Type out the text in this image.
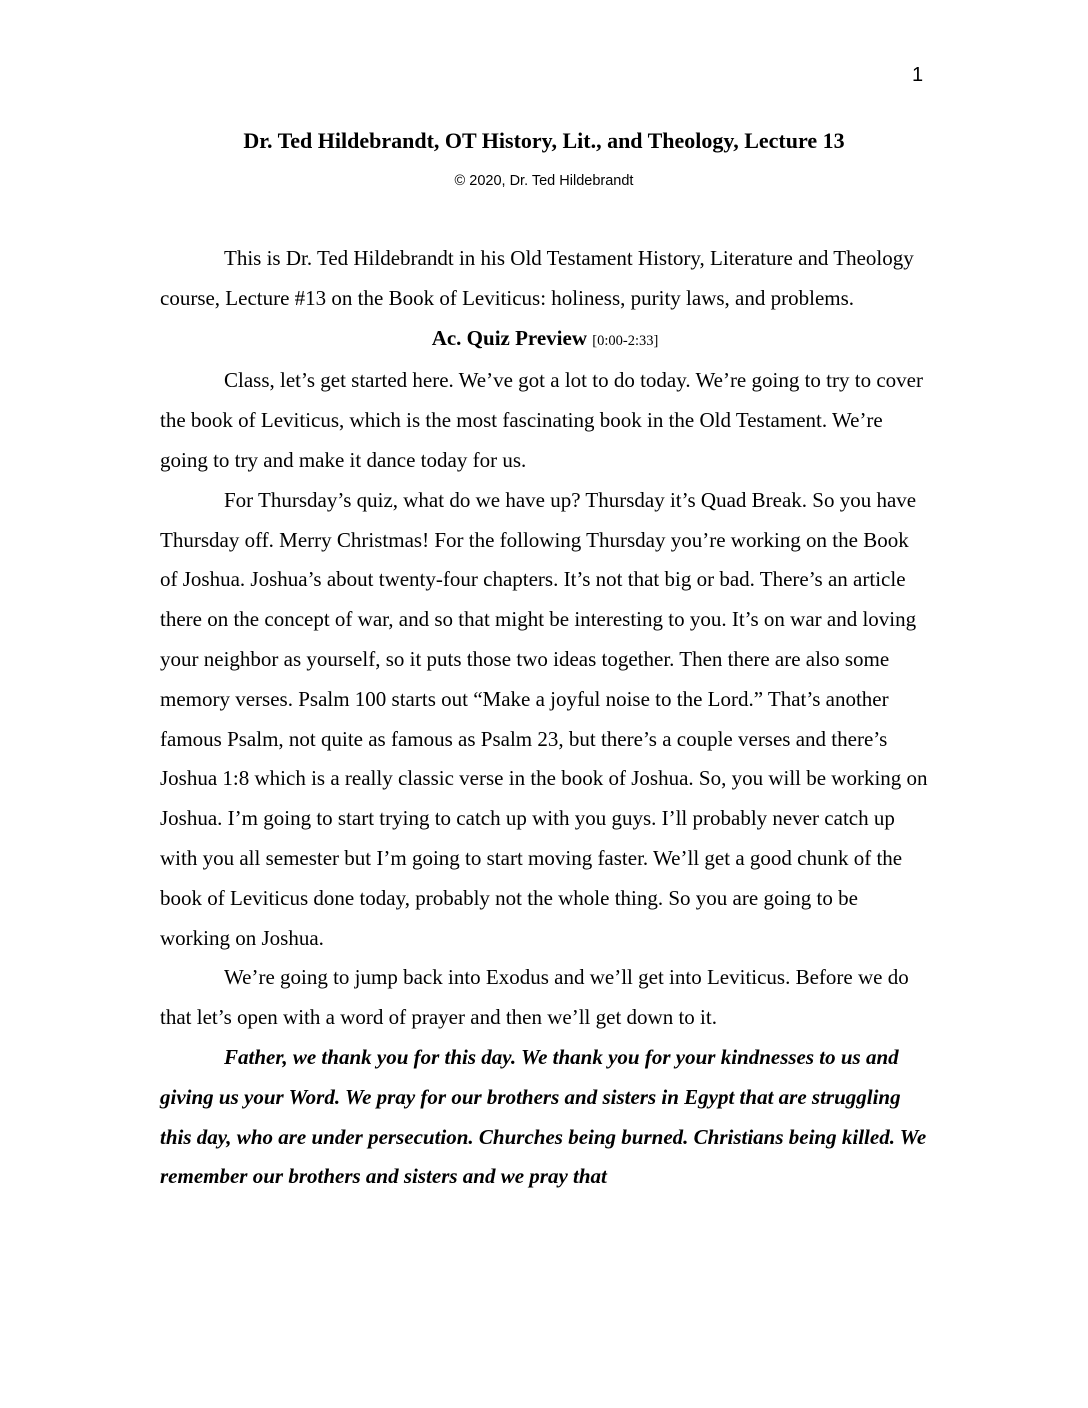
1
Dr. Ted Hildebrandt, OT History, Lit., and Theology, Lecture 13
© 2020, Dr. Ted Hildebrandt

This is Dr. Ted Hildebrandt in his Old Testament History, Literature and Theology course, Lecture #13 on the Book of Leviticus: holiness, purity laws, and problems.

Ac. Quiz Preview [0:00-2:33]

Class, let’s get started here. We’ve got a lot to do today. We’re going to try to cover the book of Leviticus, which is the most fascinating book in the Old Testament. We’re going to try and make it dance today for us.

For Thursday’s quiz, what do we have up? Thursday it’s Quad Break. So you have Thursday off. Merry Christmas! For the following Thursday you’re working on the Book of Joshua. Joshua’s about twenty-four chapters. It’s not that big or bad. There’s an article there on the concept of war, and so that might be interesting to you. It’s on war and loving your neighbor as yourself, so it puts those two ideas together. Then there are also some memory verses. Psalm 100 starts out “Make a joyful noise to the Lord.” That’s another famous Psalm, not quite as famous as Psalm 23, but there’s a couple verses and there’s Joshua 1:8 which is a really classic verse in the book of Joshua. So, you will be working on Joshua. I’m going to start trying to catch up with you guys. I’ll probably never catch up with you all semester but I’m going to start moving faster. We’ll get a good chunk of the book of Leviticus done today, probably not the whole thing. So you are going to be working on Joshua.

We’re going to jump back into Exodus and we’ll get into Leviticus. Before we do that let’s open with a word of prayer and then we’ll get down to it.

Father, we thank you for this day. We thank you for your kindnesses to us and giving us your Word. We pray for our brothers and sisters in Egypt that are struggling this day, who are under persecution. Churches being burned. Christians being killed. We remember our brothers and sisters and we pray that
